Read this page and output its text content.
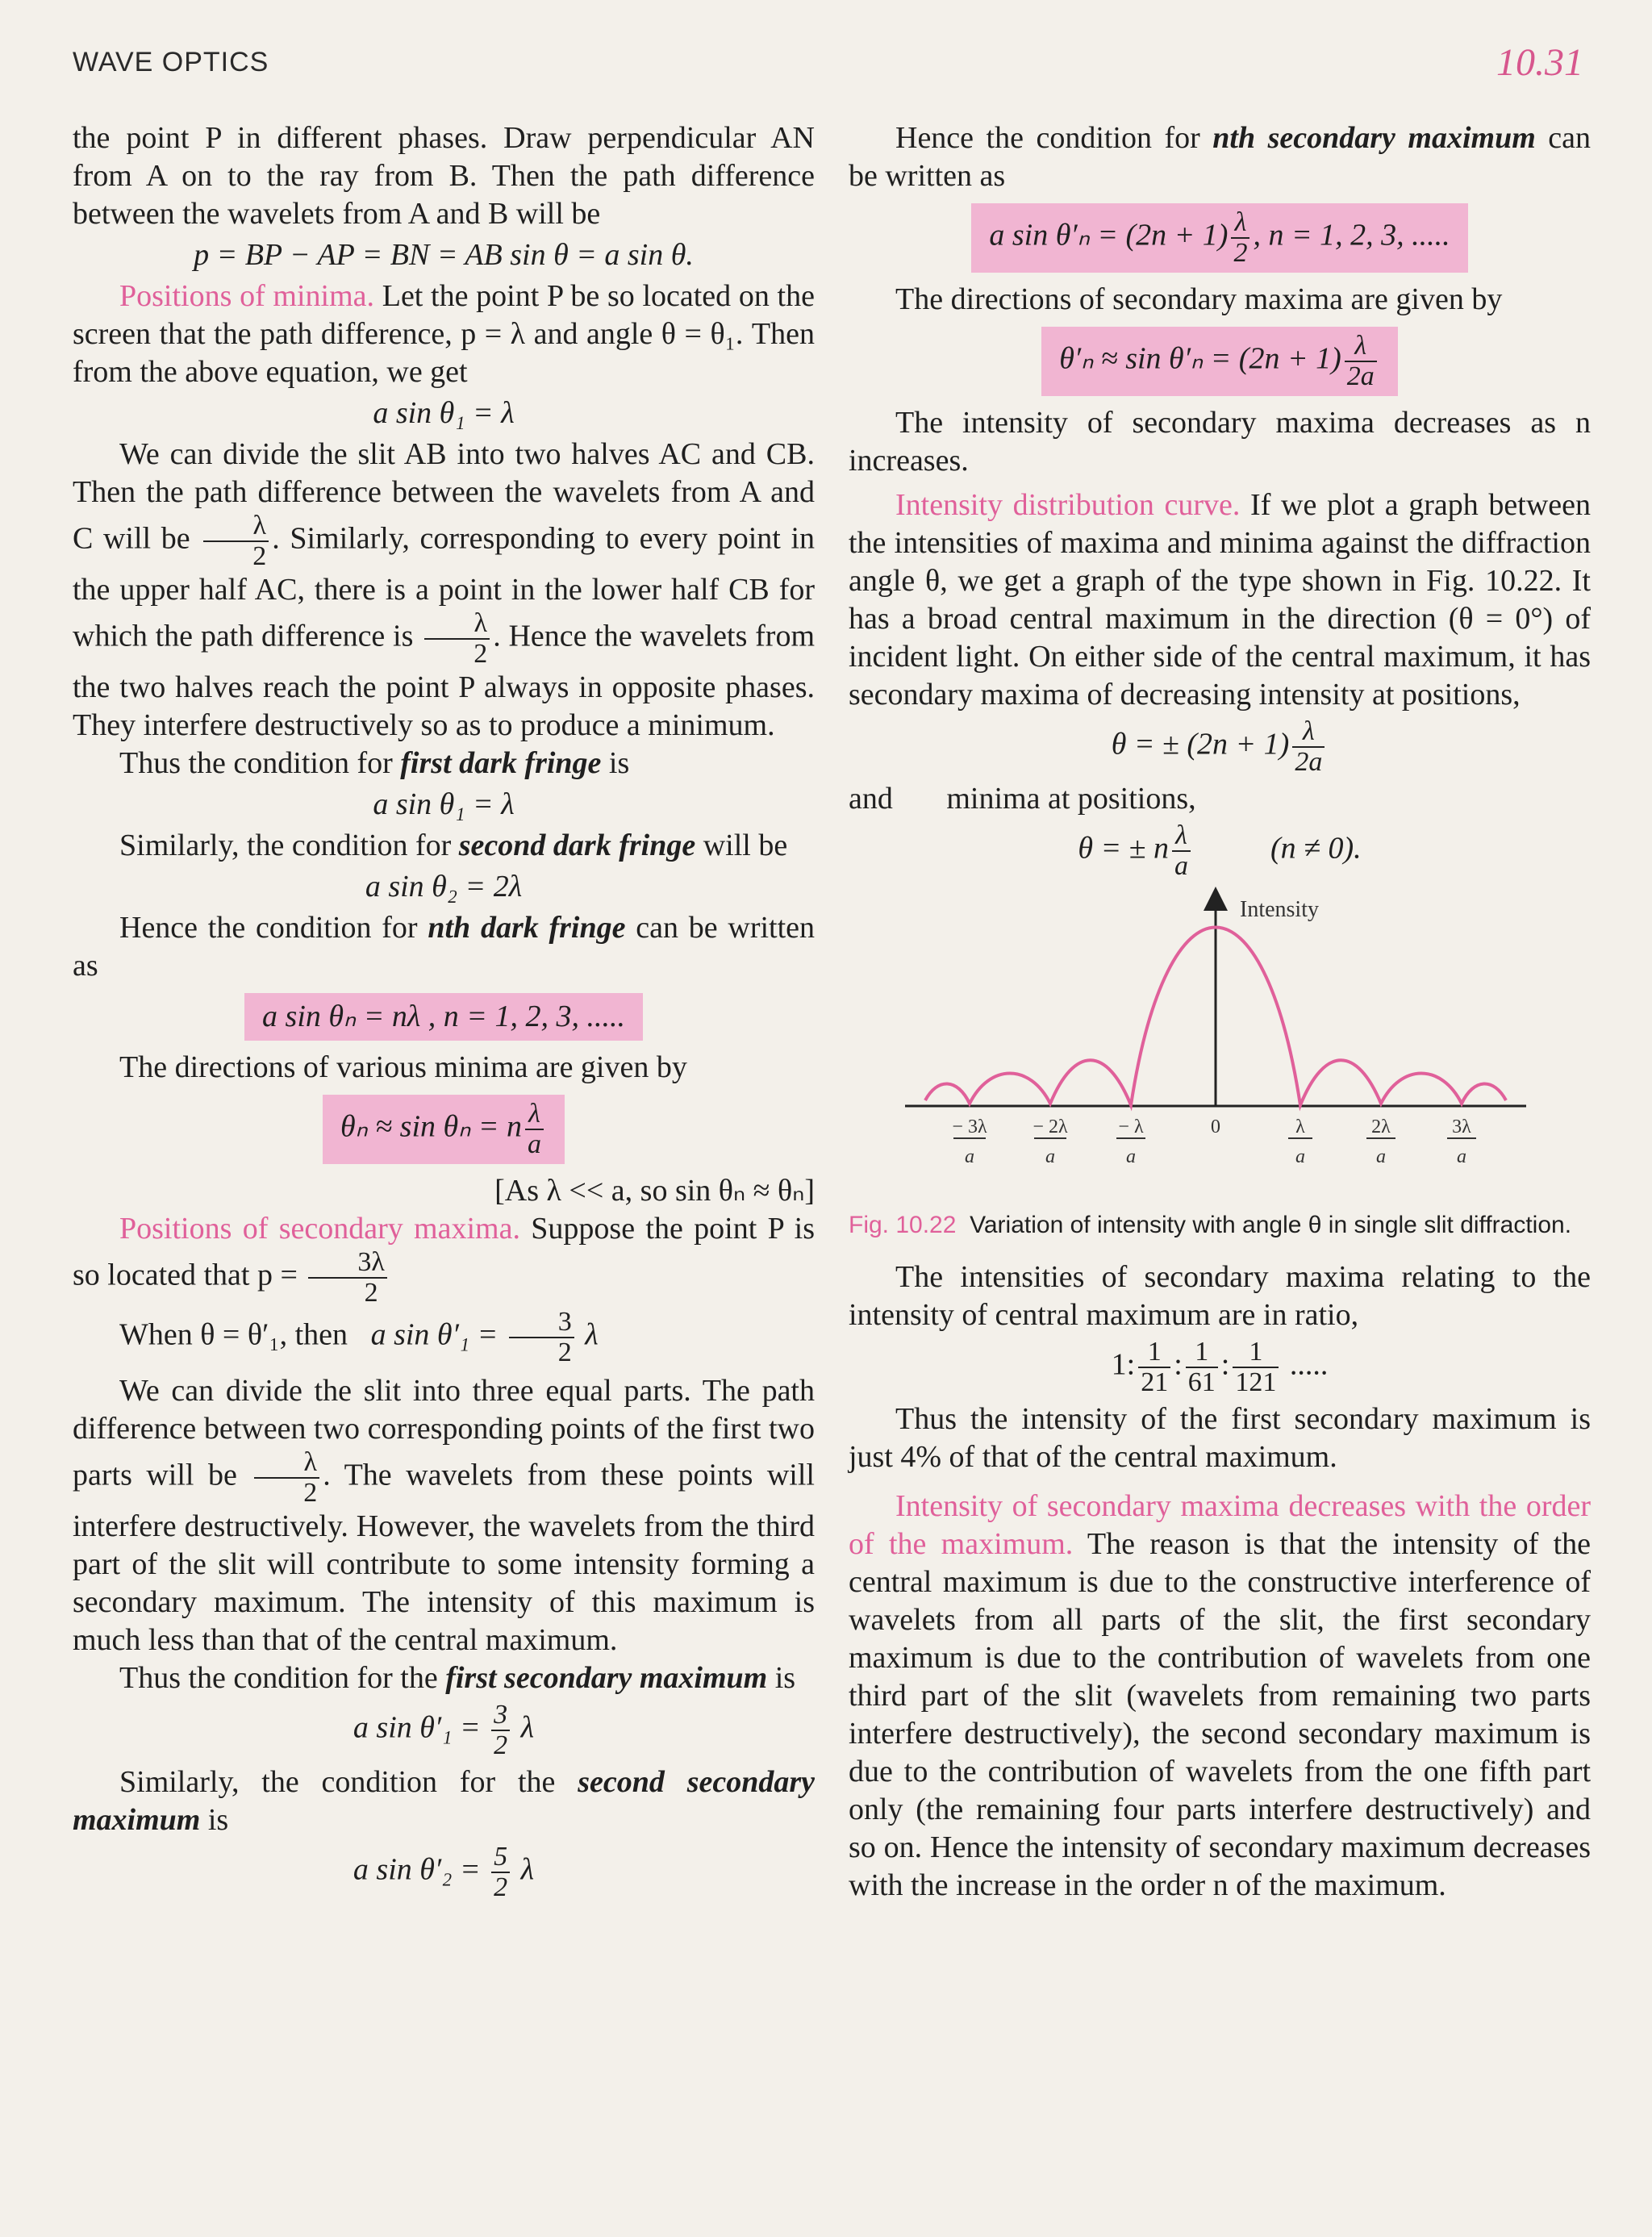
WAVE OPTICS	10.31

the point P in different phases. Draw perpendicular AN from A on to the ray from B. Then the path difference between the wavelets from A and B will be

p = BP − AP = BN = AB sin θ = a sin θ.

Positions of minima. Let the point P be so located on the screen that the path difference, p = λ and angle θ = θ₁. Then from the above equation, we get

a sin θ₁ = λ

We can divide the slit AB into two halves AC and CB. Then the path difference between the wavelets from A and C will be $\frac{\lambda}{2}$ . Similarly, corresponding to every point in the upper half AC, there is a point in the lower half CB for which the path difference is $\frac{\lambda}{2}$ . Hence the wavelets from the two halves reach the point P always in opposite phases. They interfere destructively so as to produce a minimum.

Thus the condition for first dark fringe is

a sin θ₁ = λ

Similarly, the condition for second dark fringe will be

a sin θ₂ = 2λ

Hence the condition for nth dark fringe can be written as

a sin θₙ = nλ , n = 1, 2, 3, .....

The directions of various minima are given by

θₙ ≈ sin θₙ = n $\frac{\lambda}{a}$
[As λ << a, so sin θₙ ≈ θₙ]

Positions of secondary maxima. Suppose the point P is so located that $p = \frac{3\lambda}{2}$

When θ = θ′₁, then a $\sin \theta'_1 = \frac{3}{2}$ λ

We can divide the slit into three equal parts. The path difference between two corresponding points of the first two parts will be $\frac{\lambda}{2}$ . The wavelets from these points will interfere destructively. However, the wavelets from the third part of the slit will contribute to some intensity forming a secondary maximum. The intensity of this maximum is much less than that of the central maximum.

Thus the condition for the first secondary maximum is

a $\sin \theta'_1 = \frac{3}{2}$ λ

Similarly, the condition for the second secondary maximum is

a $\sin \theta'_2 = \frac{5}{2}$ λ

Hence the condition for nth secondary maximum can be written as

a $\sin \theta'_n = (2n + 1) \frac{\lambda}{2}$ , n = 1, 2, 3, .....

The directions of secondary maxima are given by

$\theta'_n \approx \sin \theta'_n = (2n + 1) \frac{\lambda}{2a}$

The intensity of secondary maxima decreases as n increases.

Intensity distribution curve. If we plot a graph between the intensities of maxima and minima against the diffraction angle θ, we get a graph of the type shown in Fig. 10.22. It has a broad central maximum in the direction (θ = 0°) of incident light. On either side of the central maximum, it has secondary maxima of decreasing intensity at positions,

θ = ± $(2n + 1) \frac{\lambda}{2a}$

and minima at positions,

θ = ± n $\frac{\lambda}{a}$	(n ≠ 0).
Intensity
− 3λ
a
− 2λ
a
− λ
a
0	λ
a
2λ
a
3λ
a
Fig. 10.22 Variation of intensity with angle θ in single slit diffraction.

The intensities of secondary maxima relating to the intensity of central maximum are in ratio,

1: $\frac{1}{21}$ : $\frac{1}{61}$ : $\frac{1}{121}$ .....

Thus the intensity of the first secondary maximum is just 4% of that of the central maximum.

Intensity of secondary maxima decreases with the order of the maximum. The reason is that the intensity of the central maximum is due to the constructive interference of wavelets from all parts of the slit, the first secondary maximum is due to the contribution of wavelets from one third part of the slit (wavelets from remaining two parts interfere destructively), the second secondary maximum is due to the contribution of wavelets from the one fifth part only (the remaining four parts interfere destructively) and so on. Hence the intensity of secondary maximum decreases with the increase in the order n of the maximum.
